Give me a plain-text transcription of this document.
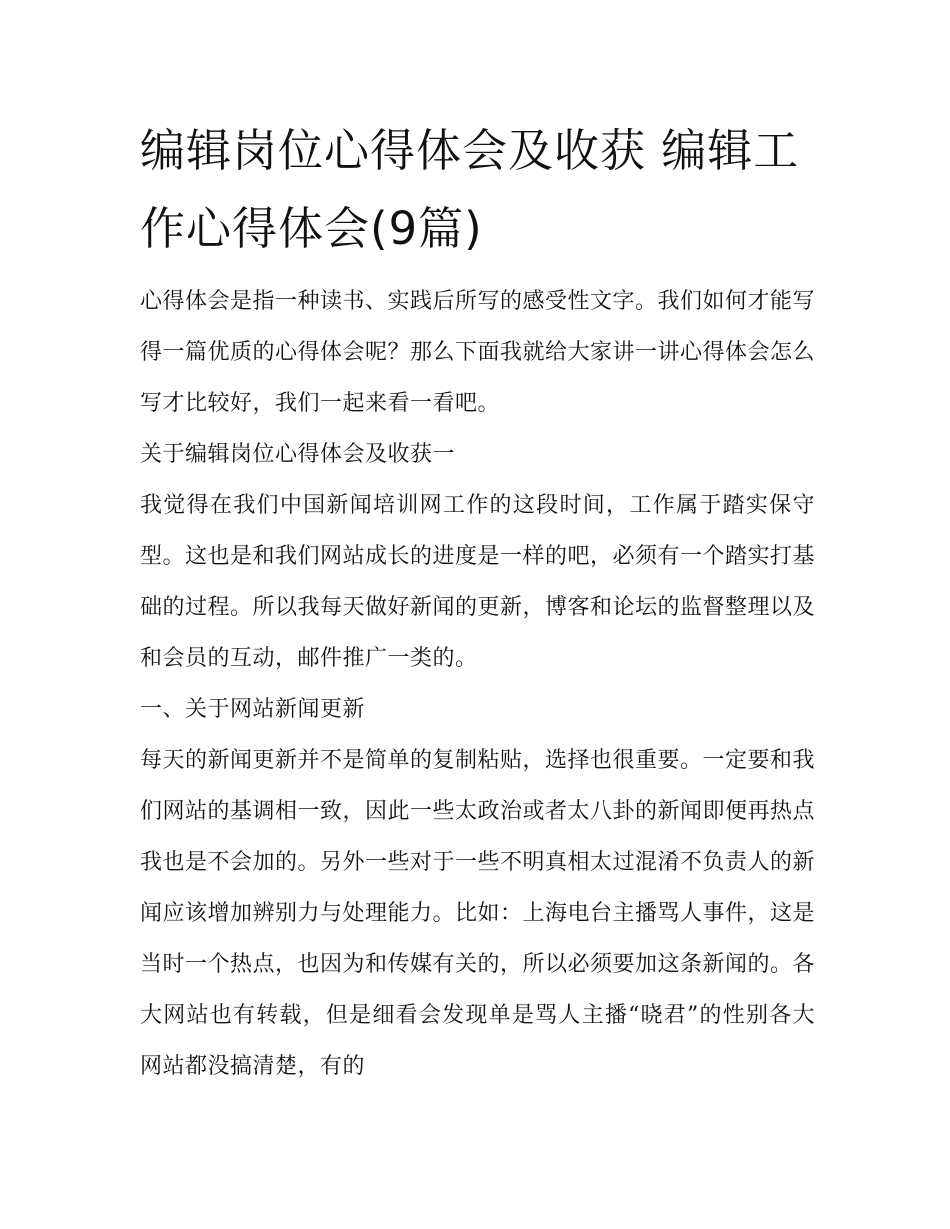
编辑岗位心得体会及收获 编辑工作心得体会(9篇)

心得体会是指一种读书、实践后所写的感受性文字。我们如何才能写得一篇优质的心得体会呢？那么下面我就给大家讲一讲心得体会怎么写才比较好，我们一起来看一看吧。

关于编辑岗位心得体会及收获一

我觉得在我们中国新闻培训网工作的这段时间，工作属于踏实保守型。这也是和我们网站成长的进度是一样的吧，必须有一个踏实打基础的过程。所以我每天做好新闻的更新，博客和论坛的监督整理以及和会员的互动，邮件推广一类的。

一、关于网站新闻更新

每天的新闻更新并不是简单的复制粘贴，选择也很重要。一定要和我们网站的基调相一致，因此一些太政治或者太八卦的新闻即便再热点我也是不会加的。另外一些对于一些不明真相太过混淆不负责人的新闻应该增加辨别力与处理能力。比如：上海电台主播骂人事件，这是当时一个热点，也因为和传媒有关的，所以必须要加这条新闻的。各大网站也有转载，但是细看会发现单是骂人主播“晓君”的性别各大网站都没搞清楚，有的
